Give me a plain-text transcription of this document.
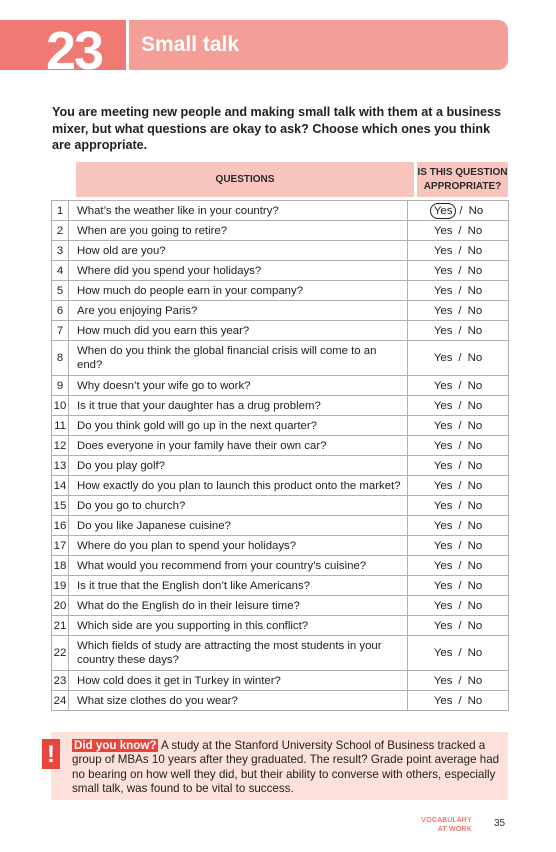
23	Small talk
You are meeting new people and making small talk with them at a business mixer, but what questions are okay to ask? Choose which ones you think are appropriate.
QUESTIONS
IS THIS QUESTION
APPROPRIATE?
1	What’s the weather like in your country?	Yes / No
2	When are you going to retire?	Yes / No
3	How old are you?	Yes / No
4	Where did you spend your holidays?	Yes / No
5	How much do people earn in your company?	Yes / No
6	Are you enjoying Paris?	Yes / No
7	How much did you earn this year?	Yes / No
8	When do you think the global financial crisis will come to an end?	Yes / No
9	Why doesn’t your wife go to work?	Yes / No
10	Is it true that your daughter has a drug problem?	Yes / No
11	Do you think gold will go up in the next quarter?	Yes / No
12	Does everyone in your family have their own car?	Yes / No
13	Do you play golf?	Yes / No
14	How exactly do you plan to launch this product onto the market?	Yes / No
15	Do you go to church?	Yes / No
16	Do you like Japanese cuisine?	Yes / No
17	Where do you plan to spend your holidays?	Yes / No
18	What would you recommend from your country’s cuisine?	Yes / No
19	Is it true that the English don’t like Americans?	Yes / No
20	What do the English do in their leisure time?	Yes / No
21	Which side are you supporting in this conflict?	Yes / No
22	Which fields of study are attracting the most students in your country these days?	Yes / No
23	How cold does it get in Turkey in winter?	Yes / No
24	What size clothes do you wear?	Yes / No
!	Did you know? A study at the Stanford University School of Business tracked a group of MBAs 10 years after they graduated. The result? Grade point average had no bearing on how well they did, but their ability to converse with others, especially small talk, was found to be vital to success.
VOCABULARY
AT WORK
35
